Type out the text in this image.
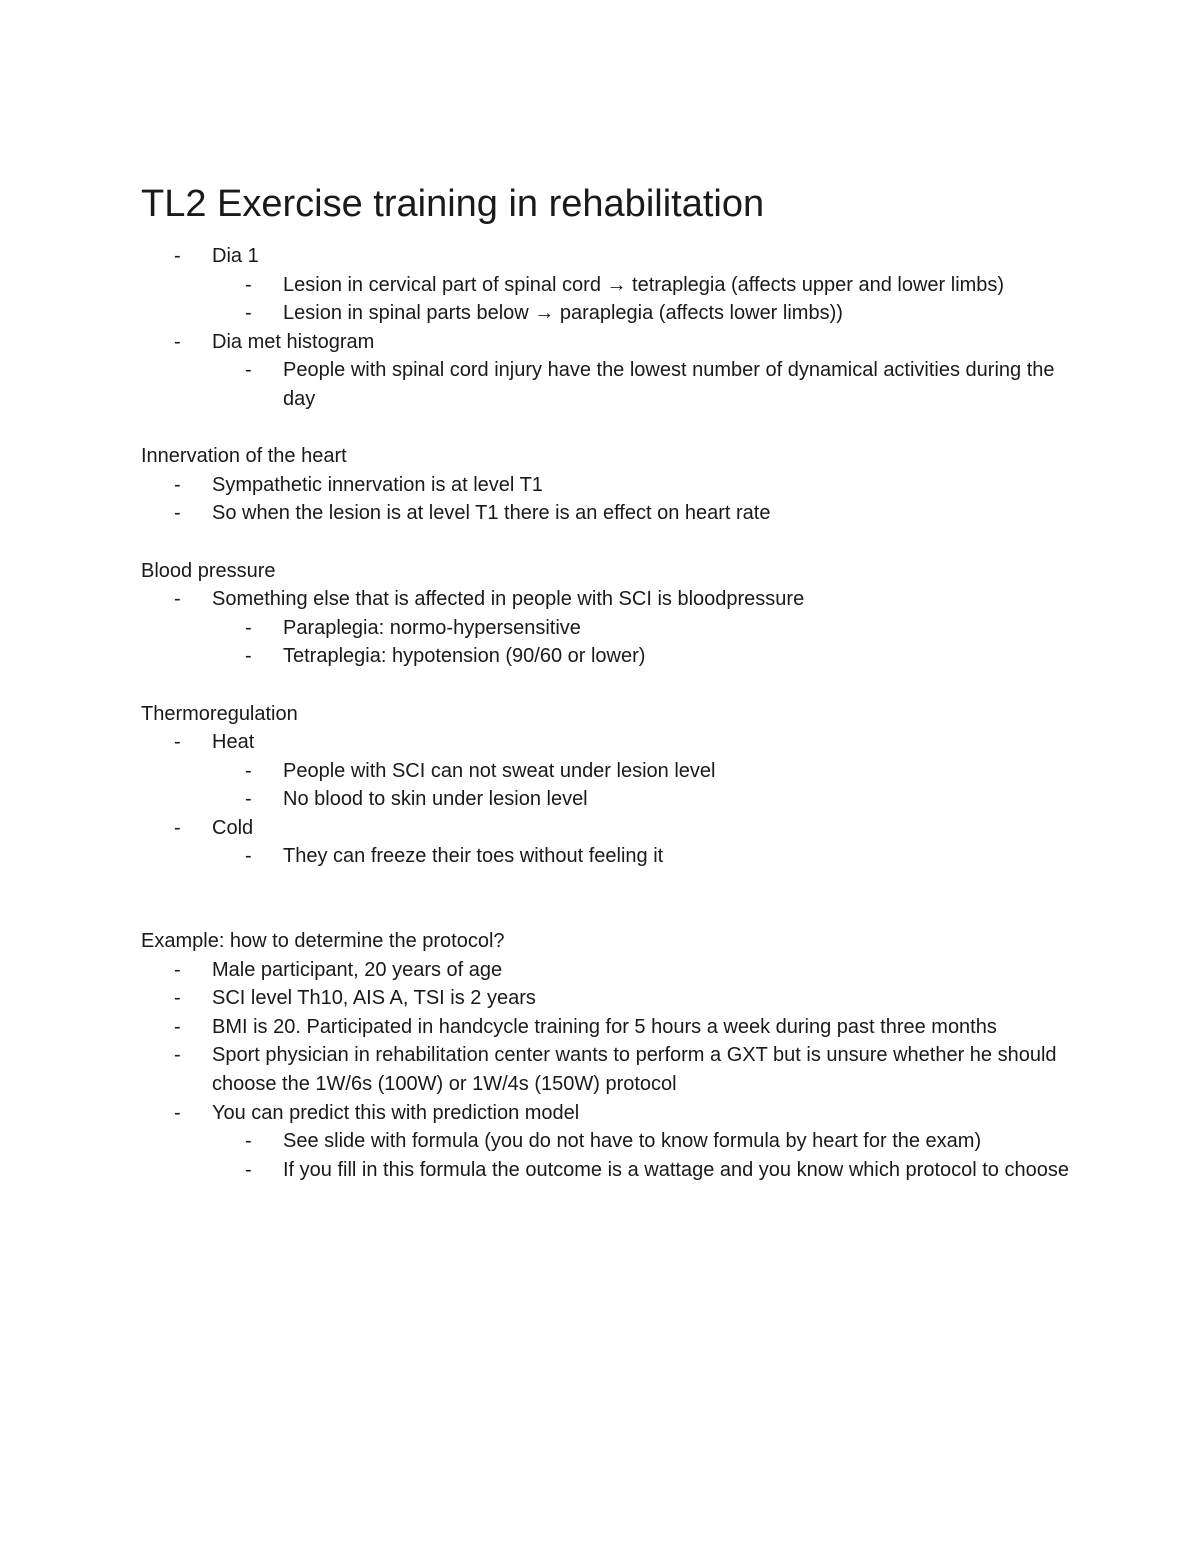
TL2 Exercise training in rehabilitation
- Dia 1
- Lesion in cervical part of spinal cord → tetraplegia (affects upper and lower limbs)
- Lesion in spinal parts below → paraplegia (affects lower limbs))
- Dia met histogram
- People with spinal cord injury have the lowest number of dynamical activities during the day

Innervation of the heart

- Sympathetic innervation is at level T1
- So when the lesion is at level T1 there is an effect on heart rate

Blood pressure

- Something else that is affected in people with SCI is bloodpressure
- Paraplegia: normo-hypersensitive
- Tetraplegia: hypotension (90/60 or lower)

Thermoregulation

- Heat
- People with SCI can not sweat under lesion level
- No blood to skin under lesion level
- Cold
- They can freeze their toes without feeling it

Example: how to determine the protocol?

- Male participant, 20 years of age
- SCI level Th10, AIS A, TSI is 2 years
- BMI is 20. Participated in handcycle training for 5 hours a week during past three months
- Sport physician in rehabilitation center wants to perform a GXT but is unsure whether he should choose the 1W/6s (100W) or 1W/4s (150W) protocol
- You can predict this with prediction model
- See slide with formula (you do not have to know formula by heart for the exam)
- If you fill in this formula the outcome is a wattage and you know which protocol to choose
